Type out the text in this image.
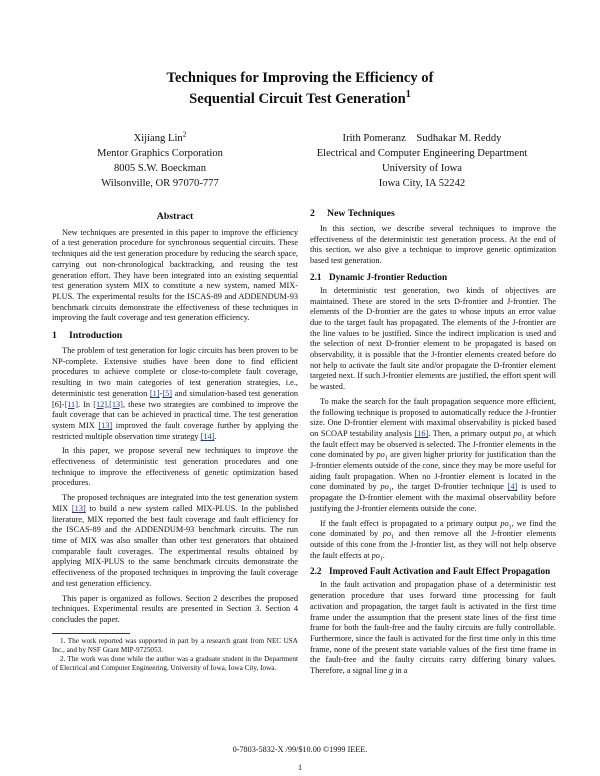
Techniques for Improving the Efficiency of
Sequential Circuit Test Generation$^1$
Xijiang Lin$^2$
Mentor Graphics Corporation
8005 S.W. Boeckman
Wilsonville, OR 97070-777
Irith Pomeranz    Sudhakar M. Reddy
Electrical and Computer Engineering Department
University of Iowa
Iowa City, IA 52242
Abstract

New techniques are presented in this paper to improve the efficiency of a test generation procedure for synchronous sequential circuits. These techniques aid the test generation procedure by reducing the search space, carrying out non-chronological backtracking, and reusing the test generation effort. They have been integrated into an existing sequential test generation system MIX to constitute a new system, named MIX-PLUS. The experimental results for the ISCAS-89 and ADDENDUM-93 benchmark circuits demonstrate the effectiveness of these techniques in improving the fault coverage and test generation efficiency.

1 Introduction

The problem of test generation for logic circuits has been proven to be NP-complete. Extensive studies have been done to find efficient procedures to achieve complete or close-to-complete fault coverage, resulting in two main categories of test generation strategies, i.e., deterministic test generation [1]-[5] and simulation-based test generation [6]-[11]. In [12],[13], these two strategies are combined to improve the fault coverage that can be achieved in practical time. The test generation system MIX [13] improved the fault coverage further by applying the restricted multiple observation time strategy [14].

In this paper, we propose several new techniques to improve the effectiveness of deterministic test generation procedures and one technique to improve the effectiveness of genetic optimization based procedures.

The proposed techniques are integrated into the test generation system MIX [13] to build a new system called MIX-PLUS. In the published literature, MIX reported the best fault coverage and fault efficiency for the ISCAS-89 and the ADDENDUM-93 benchmark circuits. The run time of MIX was also smaller than other test generators that obtained comparable fault coverages. The experimental results obtained by applying MIX-PLUS to the same benchmark circuits demonstrate the effectiveness of the proposed techniques in improving the fault coverage and test generation efficiency.

This paper is organized as follows. Section 2 describes the proposed techniques. Experimental results are presented in Section 3. Section 4 concludes the paper.

1. The work reported was supported in part by a research grant from NEC USA Inc., and by NSF Grant MIP-9725053.

2. The work was done while the author was a graduate student in the Department of Electrical and Computer Engineering, University of Iowa, Iowa City, Iowa.

2 New Techniques

In this section, we describe several techniques to improve the effectiveness of the deterministic test generation process. At the end of this section, we also give a technique to improve genetic optimization based test generation.

2.1 Dynamic J-frontier Reduction

In deterministic test generation, two kinds of objectives are maintained. These are stored in the sets D-frontier and J-frontier. The elements of the D-frontier are the gates to whose inputs an error value due to the target fault has propagated. The elements of the J-frontier are the line values to be justified. Since the indirect implication is used and the selection of next D-frontier element to be propagated is based on observability, it is possible that the J-frontier elements created before do not help to activate the fault site and/or propagate the D-frontier element targeted next. If such J-frontier elements are justified, the effort spent will be wasted.

To make the search for the fault propagation sequence more efficient, the following technique is proposed to automatically reduce the J-frontier size. One D-frontier element with maximal observability is picked based on SCOAP testability analysis [16]. Then, a primary output $po_1$ at which the fault effect may be observed is selected. The J-frontier elements in the cone dominated by $po_1$ are given higher priority for justification than the J-frontier elements outside of the cone, since they may be more useful for aiding fault propagation. When no J-frontier element is located in the cone dominated by $po_1$, the target D-frontier technique [4] is used to propagate the D-frontier element with the maximal observability before justifying the J-frontier elements outside the cone.

If the fault effect is propagated to a primary output $po_1$, we find the cone dominated by $po_1$ and then remove all the J-frontier elements outside of this cone from the J-frontier list, as they will not help observe the fault effects at $po_1$.

2.2 Improved Fault Activation and Fault Effect Propagation

In the fault activation and propagation phase of a deterministic test generation procedure that uses forward time processing for fault activation and propagation, the target fault is activated in the first time frame under the assumption that the present state lines of the first time frame for both the fault-free and the faulty circuits are fully controllable. Furthermore, since the fault is activated for the first time only in this time frame, none of the present state variable values of the first time frame in the fault-free and the faulty circuits carry differing binary values. Therefore, a signal line g in a

0-7803-5832-X /99/$10.00 ©1999 IEEE.
1
